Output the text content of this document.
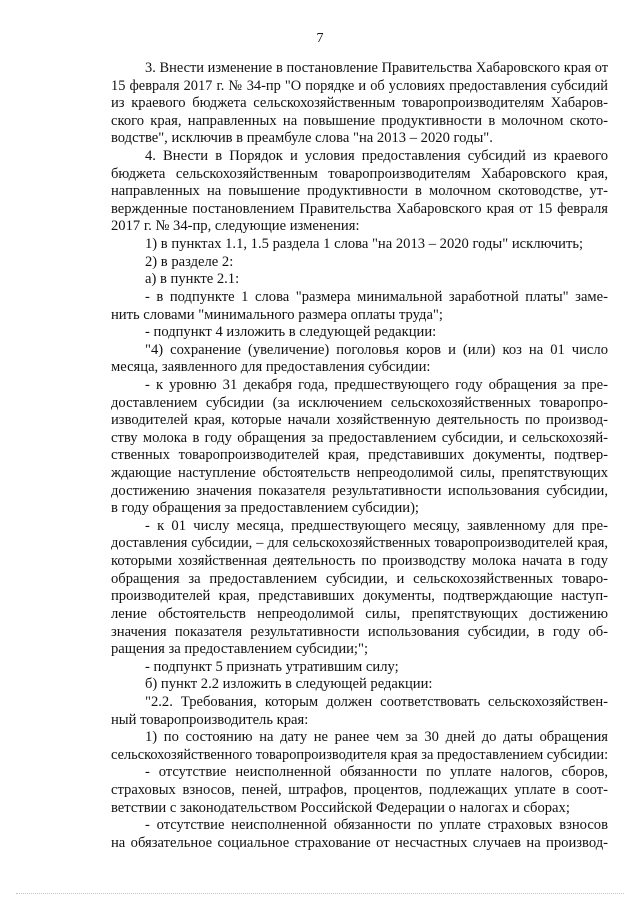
7
3. Внести изменение в постановление Правительства Хабаровского края от
15 февраля 2017 г. № 34-пр "О порядке и об условиях предоставления субсидий
из краевого бюджета сельскохозяйственным товаропроизводителям Хабаров-
ского края, направленных на повышение продуктивности в молочном ското-
водстве", исключив в преамбуле слова "на 2013 – 2020 годы".
4. Внести в Порядок и условия предоставления субсидий из краевого
бюджета сельскохозяйственным товаропроизводителям Хабаровского края,
направленных на повышение продуктивности в молочном скотоводстве, ут-
вержденные постановлением Правительства Хабаровского края от 15 февраля
2017 г. № 34-пр, следующие изменения:
1) в пунктах 1.1, 1.5 раздела 1 слова "на 2013 – 2020 годы" исключить;
2) в разделе 2:
а) в пункте 2.1:
- в подпункте 1 слова "размера минимальной заработной платы" заме-
нить словами "минимального размера оплаты труда";
- подпункт 4 изложить в следующей редакции:
"4) сохранение (увеличение) поголовья коров и (или) коз на 01 число
месяца, заявленного для предоставления субсидии:
- к уровню 31 декабря года, предшествующего году обращения за пре-
доставлением субсидии (за исключением сельскохозяйственных товаропро-
изводителей края, которые начали хозяйственную деятельность по производ-
ству молока в году обращения за предоставлением субсидии, и сельскохозяй-
ственных товаропроизводителей края, представивших документы, подтвер-
ждающие наступление обстоятельств непреодолимой силы, препятствующих
достижению значения показателя результативности использования субсидии,
в году обращения за предоставлением субсидии);
- к 01 числу месяца, предшествующего месяцу, заявленному для пре-
доставления субсидии, – для сельскохозяйственных товаропроизводителей края,
которыми хозяйственная деятельность по производству молока начата в году
обращения за предоставлением субсидии, и сельскохозяйственных товаро-
производителей края, представивших документы, подтверждающие наступ-
ление обстоятельств непреодолимой силы, препятствующих достижению
значения показателя результативности использования субсидии, в году об-
ращения за предоставлением субсидии;";
- подпункт 5 признать утратившим силу;
б) пункт 2.2 изложить в следующей редакции:
"2.2. Требования, которым должен соответствовать сельскохозяйствен-
ный товаропроизводитель края:
1) по состоянию на дату не ранее чем за 30 дней до даты обращения
сельскохозяйственного товаропроизводителя края за предоставлением субсидии:
- отсутствие неисполненной обязанности по уплате налогов, сборов,
страховых взносов, пеней, штрафов, процентов, подлежащих уплате в соот-
ветствии с законодательством Российской Федерации о налогах и сборах;
- отсутствие неисполненной обязанности по уплате страховых взносов
на обязательное социальное страхование от несчастных случаев на производ-
